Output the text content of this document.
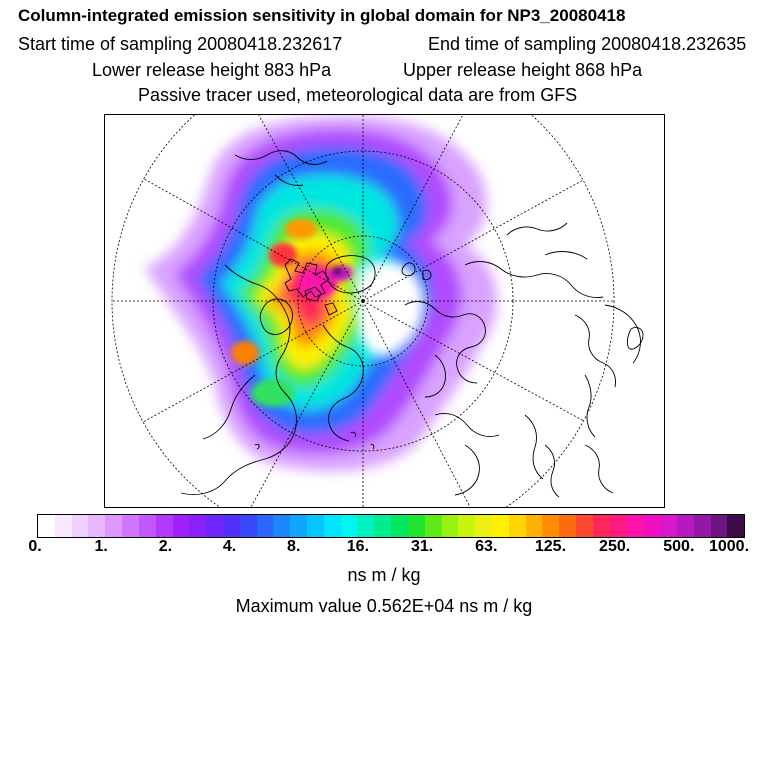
Column-integrated emission sensitivity in global domain for NP3_20080418
Start time of sampling 20080418.232617	End time of sampling 20080418.232635
Lower release height 883 hPa	Upper release height 868 hPa
Passive tracer used, meteorological data are from GFS
0.	1.	2.	4.	8.	16.	31.	63. 125. 250. 500. 1000.
ns m / kg
Maximum value 0.562E+04 ns m / kg
